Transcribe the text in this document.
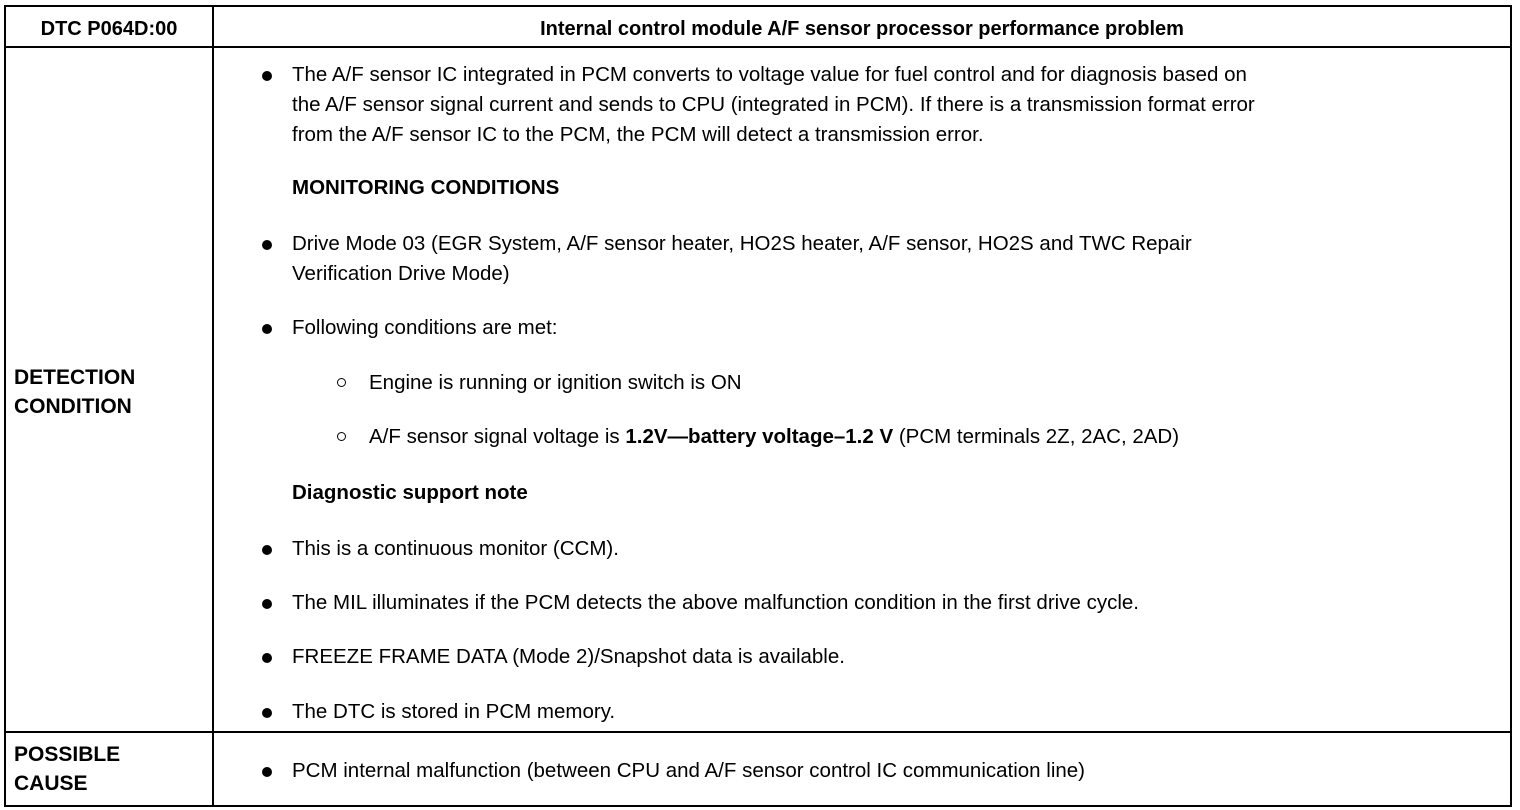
DTC P064D:00	Internal control module A/F sensor processor performance problem
DETECTION
CONDITION
The A/F sensor IC integrated in PCM converts to voltage value for fuel control and for diagnosis based on
the A/F sensor signal current and sends to CPU (integrated in PCM). If there is a transmission format error
from the A/F sensor IC to the PCM, the PCM will detect a transmission error.
MONITORING CONDITIONS
Drive Mode 03 (EGR System, A/F sensor heater, HO2S heater, A/F sensor, HO2S and TWC Repair
Verification Drive Mode)
Following conditions are met:
Engine is running or ignition switch is ON
A/F sensor signal voltage is 1.2V—battery voltage–1.2 V (PCM terminals 2Z, 2AC, 2AD)
Diagnostic support note
This is a continuous monitor (CCM).
The MIL illuminates if the PCM detects the above malfunction condition in the first drive cycle.
FREEZE FRAME DATA (Mode 2)/Snapshot data is available.
The DTC is stored in PCM memory.
POSSIBLE
CAUSE
PCM internal malfunction (between CPU and A/F sensor control IC communication line)
